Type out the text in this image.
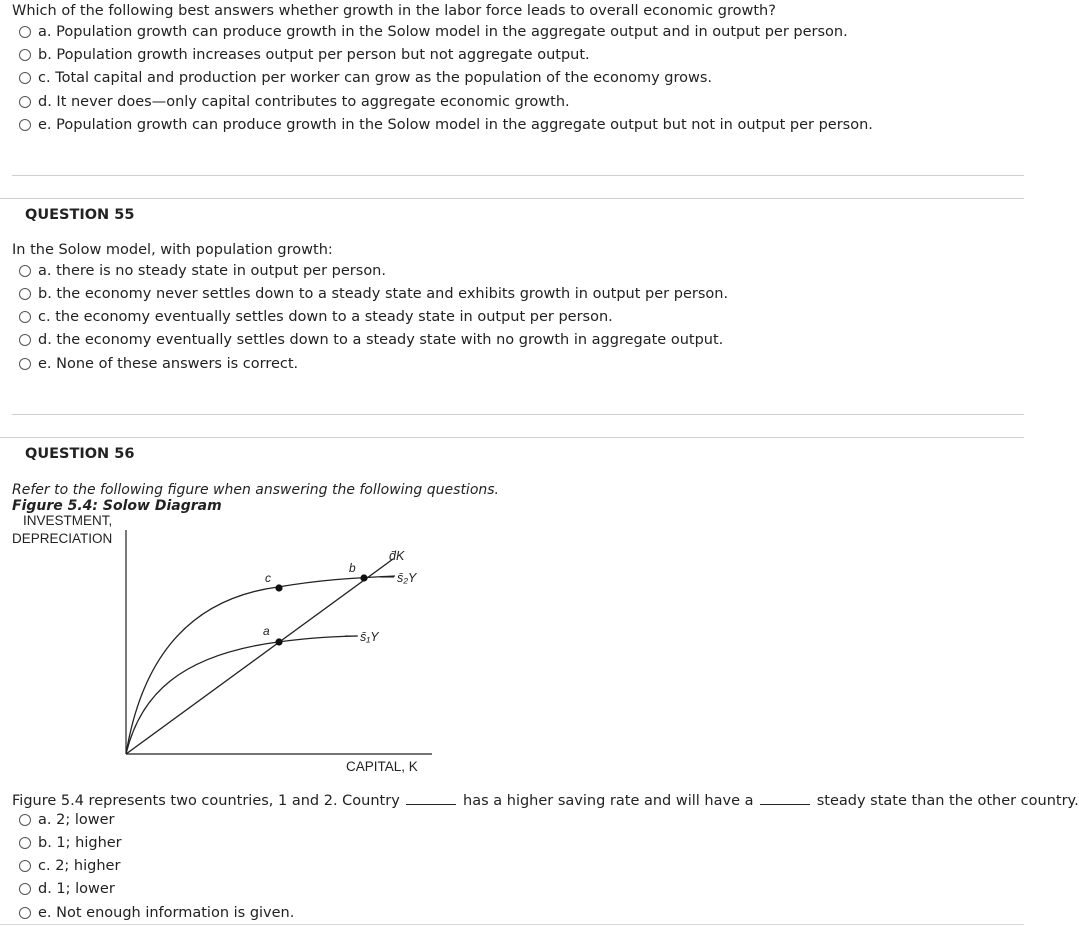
Which of the following best answers whether growth in the labor force leads to overall economic growth?
a. Population growth can produce growth in the Solow model in the aggregate output and in output per person.
b. Population growth increases output per person but not aggregate output.
c. Total capital and production per worker can grow as the population of the economy grows.
d. It never does—only capital contributes to aggregate economic growth.
e. Population growth can produce growth in the Solow model in the aggregate output but not in output per person.
QUESTION 55
In the Solow model, with population growth:
a. there is no steady state in output per person.
b. the economy never settles down to a steady state and exhibits growth in output per person.
c. the economy eventually settles down to a steady state in output per person.
d. the economy eventually settles down to a steady state with no growth in aggregate output.
e. None of these answers is correct.
QUESTION 56
Refer to the following figure when answering the following questions.
Figure 5.4: Solow Diagram
INVESTMENT,
DEPRECIATION
c
b
a
d̄K
s̄₂Y
s̄₁Y
CAPITAL, K
Figure 5.4 represents two countries, 1 and 2. Country	has a higher saving rate and will have a	steady state than the other country.
a. 2; lower
b. 1; higher
c. 2; higher
d. 1; lower
e. Not enough information is given.
